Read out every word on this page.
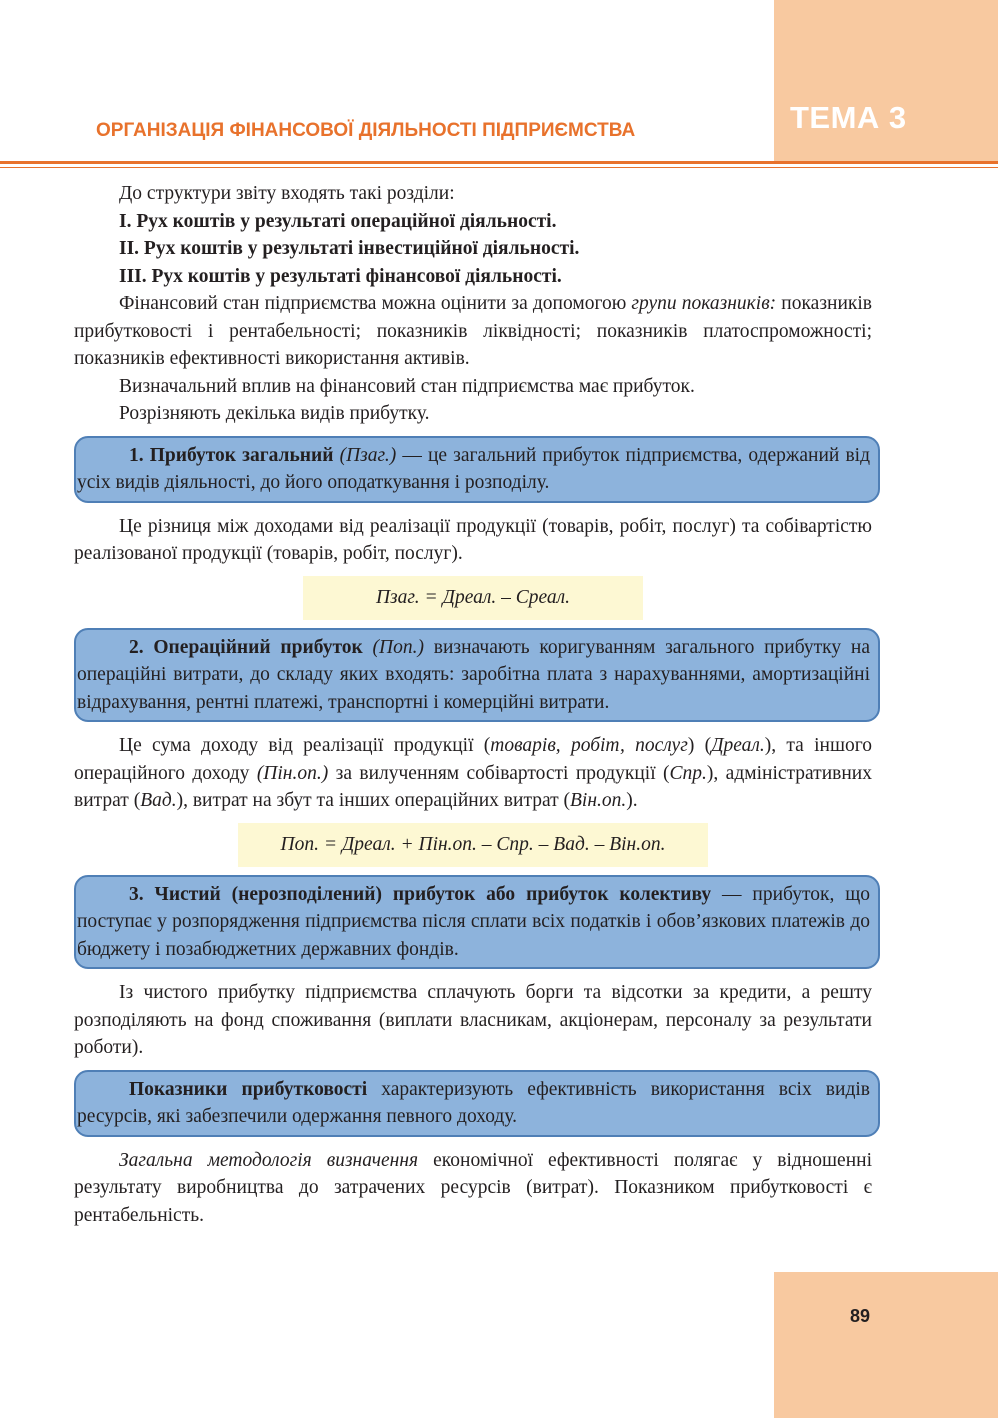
ТЕМА 3
ОРГАНІЗАЦІЯ ФІНАНСОВОЇ ДІЯЛЬНОСТІ ПІДПРИЄМСТВА

До структури звіту входять такі розділи:

І. Рух коштів у результаті операційної діяльності.

ІІ. Рух коштів у результаті інвестиційної діяльності.

ІІІ. Рух коштів у результаті фінансової діяльності.

Фінансовий стан підприємства можна оцінити за допомогою групи показників: показників прибутковості і рентабельності; показників ліквідності; показників платоспроможності; показників ефективності використання активів.

Визначальний вплив на фінансовий стан підприємства має прибуток.

Розрізняють декілька видів прибутку.

1. Прибуток загальний (Пзаг.) — це загальний прибуток підприємства, одержаний від усіх видів діяльності, до його оподаткування і розподілу.

Це різниця між доходами від реалізації продукції (товарів, робіт, послуг) та собівартістю реалізованої продукції (товарів, робіт, послуг).

Пзаг. = Дреал. – Среал.

2. Операційний прибуток (Поп.) визначають коригуванням загального прибутку на операційні витрати, до складу яких входять: заробітна плата з нарахуваннями, амортизаційні відрахування, рентні платежі, транспортні і комерційні витрати.

Це сума доходу від реалізації продукції (товарів, робіт, послуг) (Дреал.), та іншого операційного доходу (Пін.оп.) за вилученням собівартості продукції (Спр.), адміністративних витрат (Вад.), витрат на збут та інших операційних витрат (Він.оп.).

Поп. = Дреал. + Пін.оп. – Спр. – Вад. – Він.оп.

3. Чистий (нерозподілений) прибуток або прибуток колективу — прибуток, що поступає у розпорядження підприємства після сплати всіх податків і обов’язкових платежів до бюджету і позабюджетних державних фондів.

Із чистого прибутку підприємства сплачують борги та відсотки за кредити, а решту розподіляють на фонд споживання (виплати власникам, акціонерам, персоналу за результати роботи).

Показники прибутковості характеризують ефективність використання всіх видів ресурсів, які забезпечили одержання певного доходу.

Загальна методологія визначення економічної ефективності полягає у відношенні результату виробництва до затрачених ресурсів (витрат). Показником прибутковості є рентабельність.

89
